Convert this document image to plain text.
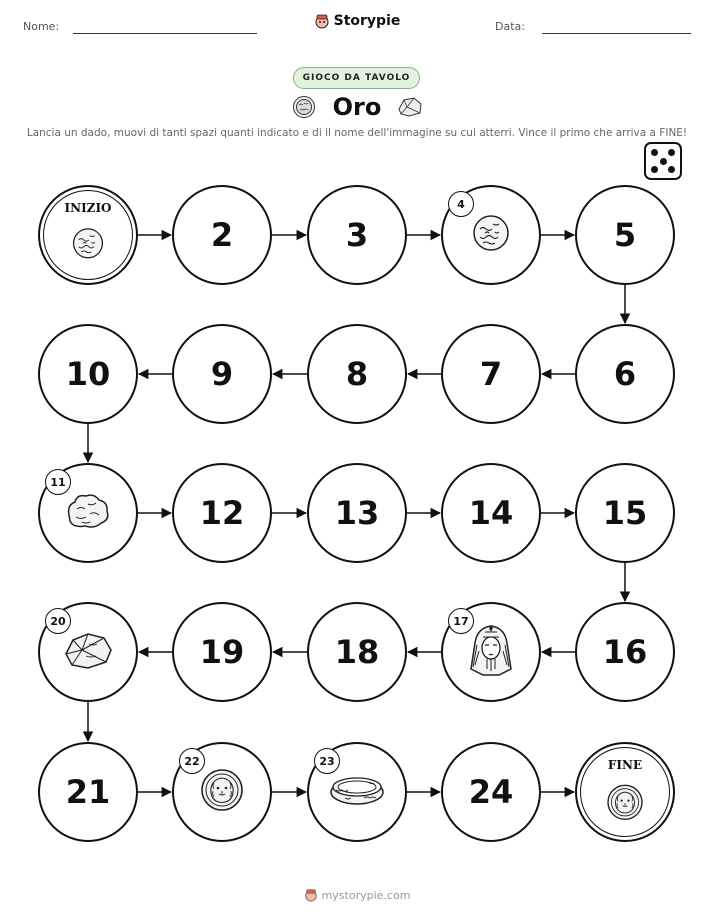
Nome:	Storypie	Data:
GIOCO DA TAVOLO
Oro
Lancia un dado, muovi di tanti spazi quanti indicato e di il nome dell'immagine su cui atterri. Vince il primo che arriva a FINE!
INIZIO
2	3
4
5
6
7
8
9
10
11
12	13	14	15
16
17
18
19
20
21
22	23
24
FINE
mystorypie.com
